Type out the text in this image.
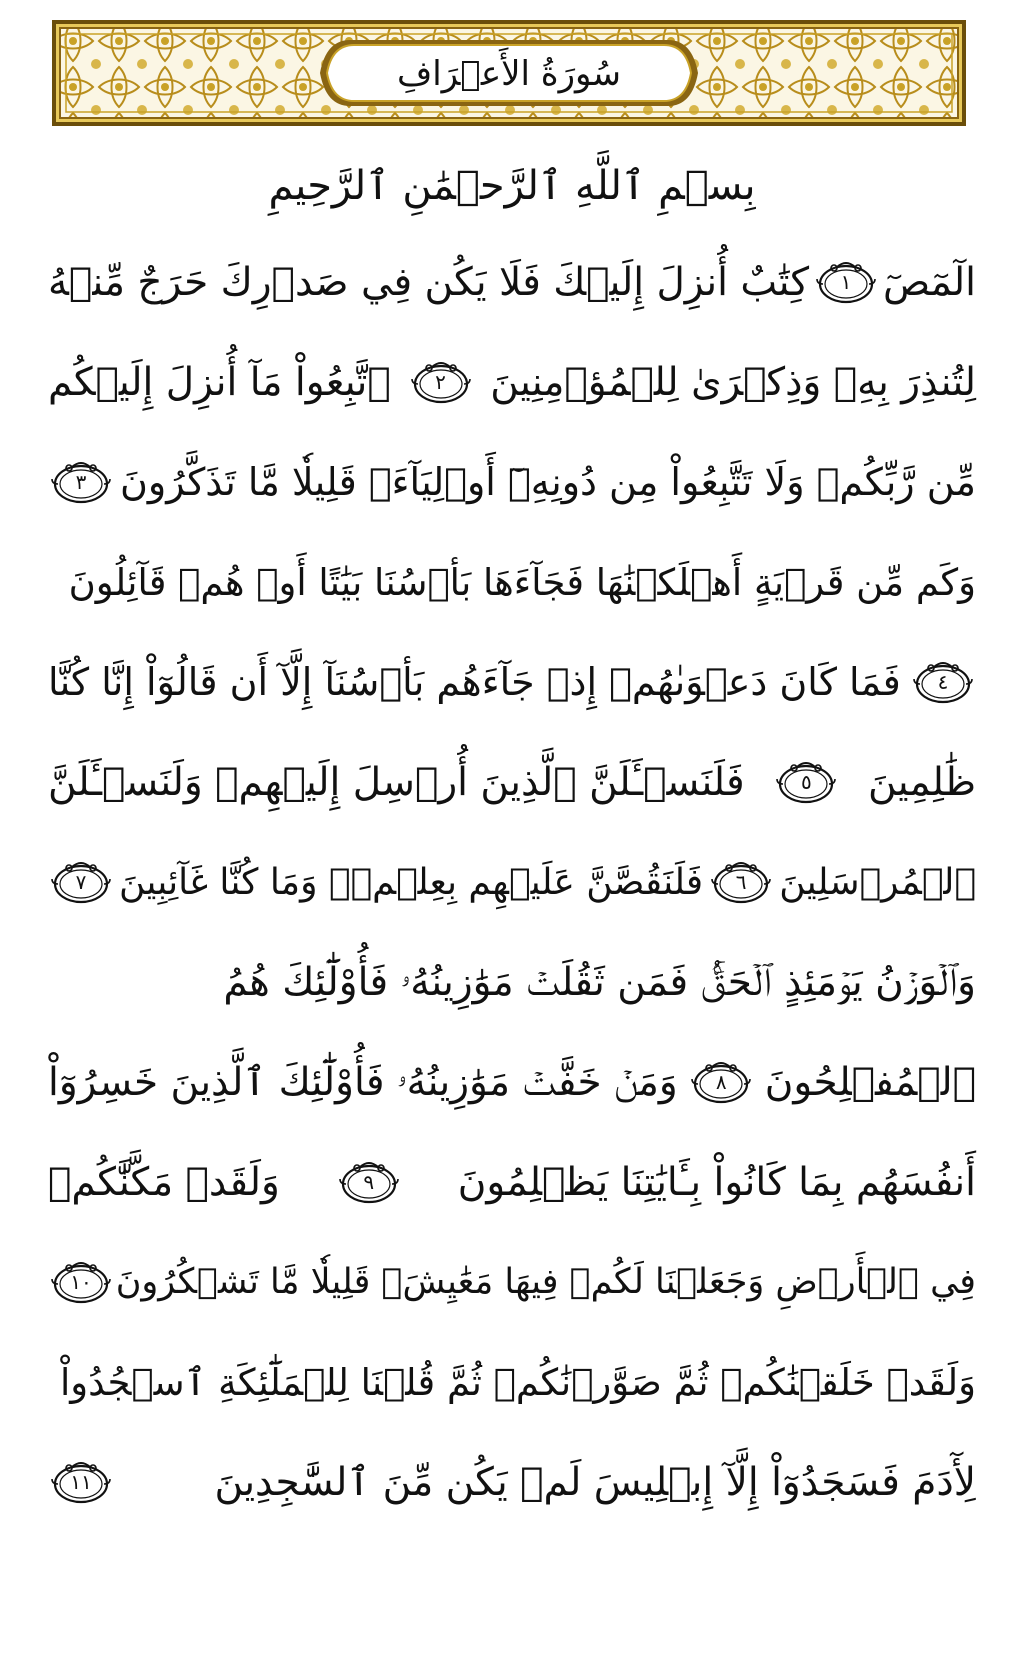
سُورَةُ الأَعۡرَافِ
بِسۡمِ ٱللَّهِ ٱلرَّحۡمَٰنِ ٱلرَّحِيمِ
الٓمٓصٓ
١
كِتَٰبٌ أُنزِلَ إِلَيۡكَ فَلَا يَكُن فِي صَدۡرِكَ حَرَجٌ مِّنۡهُ
لِتُنذِرَ بِهِۦ وَذِكۡرَىٰ لِلۡمُؤۡمِنِينَ
٢
ٱتَّبِعُواْ مَآ أُنزِلَ إِلَيۡكُم
مِّن رَّبِّكُمۡ وَلَا تَتَّبِعُواْ مِن دُونِهِۦٓ أَوۡلِيَآءَۗ قَلِيلٗا مَّا تَذَكَّرُونَ
٣
وَكَم مِّن قَرۡيَةٍ أَهۡلَكۡنَٰهَا فَجَآءَهَا بَأۡسُنَا بَيَٰتًا أَوۡ هُمۡ قَآئِلُونَ
٤
فَمَا كَانَ دَعۡوَىٰهُمۡ إِذۡ جَآءَهُم بَأۡسُنَآ إِلَّآ أَن قَالُوٓاْ إِنَّا كُنَّا
ظَٰلِمِينَ
٥
فَلَنَسۡـَٔلَنَّ ٱلَّذِينَ أُرۡسِلَ إِلَيۡهِمۡ وَلَنَسۡـَٔلَنَّ
ٱلۡمُرۡسَلِينَ
٦
فَلَنَقُصَّنَّ عَلَيۡهِم بِعِلۡمٖۖ وَمَا كُنَّا غَآئِبِينَ
٧
وَٱلۡوَزۡنُ يَوۡمَئِذٍ ٱلۡحَقُّۚ فَمَن ثَقُلَتۡ مَوَٰزِينُهُۥ فَأُوْلَٰٓئِكَ هُمُ
ٱلۡمُفۡلِحُونَ
٨
وَمَنۡ خَفَّتۡ مَوَٰزِينُهُۥ فَأُوْلَٰٓئِكَ ٱلَّذِينَ خَسِرُوٓاْ
أَنفُسَهُم بِمَا كَانُواْ بِـَٔايَٰتِنَا يَظۡلِمُونَ
٩
وَلَقَدۡ مَكَّنَّٰكُمۡ
فِي ٱلۡأَرۡضِ وَجَعَلۡنَا لَكُمۡ فِيهَا مَعَٰيِشَۗ قَلِيلٗا مَّا تَشۡكُرُونَ
١٠
وَلَقَدۡ خَلَقۡنَٰكُمۡ ثُمَّ صَوَّرۡنَٰكُمۡ ثُمَّ قُلۡنَا لِلۡمَلَٰٓئِكَةِ ٱسۡجُدُواْ
لِأٓدَمَ فَسَجَدُوٓاْ إِلَّآ إِبۡلِيسَ لَمۡ يَكُن مِّنَ ٱلسَّٰجِدِينَ
١١
